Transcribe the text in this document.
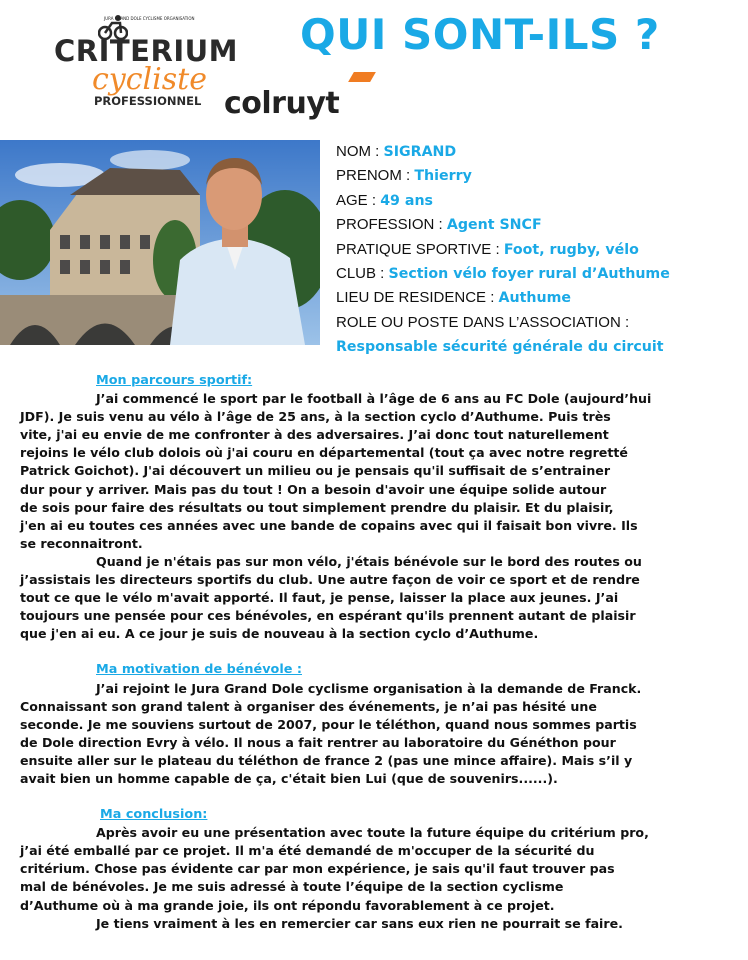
JURA GRAND DOLE CYCLISME ORGANISATION
CRITERIUM
cycliste
PROFESSIONNEL colruyt
QUI SONT-ILS ?
NOM : SIGRAND
PRENOM : Thierry
AGE : 49 ans
PROFESSION : Agent SNCF
PRATIQUE SPORTIVE : Foot, rugby, vélo
CLUB : Section vélo foyer rural d’Authume
LIEU DE RESIDENCE : Authume
ROLE OU POSTE DANS L’ASSOCIATION :
Responsable sécurité générale du circuit
Mon parcours sportif:
J’ai commencé le sport par le football à l’âge de 6 ans au FC Dole (aujourd’hui
JDF). Je suis venu au vélo à l’âge de 25 ans, à la section cyclo d’Authume. Puis très
vite, j'ai eu envie de me confronter à des adversaires. J’ai donc tout naturellement
rejoins le vélo club dolois où j'ai couru en départemental (tout ça avec notre regretté
Patrick Goichot). J'ai découvert un milieu ou je pensais qu'il suffisait de s’entrainer
dur pour y arriver. Mais pas du tout ! On a besoin d'avoir une équipe solide autour
de sois pour faire des résultats ou tout simplement prendre du plaisir. Et du plaisir,
j'en ai eu toutes ces années avec une bande de copains avec qui il faisait bon vivre. Ils
se reconnaitront.
Quand je n'étais pas sur mon vélo, j'étais bénévole sur le bord des routes ou
j’assistais les directeurs sportifs du club. Une autre façon de voir ce sport et de rendre
tout ce que le vélo m'avait apporté. Il faut, je pense, laisser la place aux jeunes. J’ai
toujours une pensée pour ces bénévoles, en espérant qu'ils prennent autant de plaisir
que j'en ai eu. A ce jour je suis de nouveau à la section cyclo d’Authume.
Ma motivation de bénévole :
J’ai rejoint le Jura Grand Dole cyclisme organisation à la demande de Franck.
Connaissant son grand talent à organiser des événements, je n’ai pas hésité une
seconde. Je me souviens surtout de 2007, pour le téléthon, quand nous sommes partis
de Dole direction Evry à vélo. Il nous a fait rentrer au laboratoire du Généthon pour
ensuite aller sur le plateau du téléthon de france 2 (pas une mince affaire). Mais s’il y
avait bien un homme capable de ça, c'était bien Lui (que de souvenirs......).
Ma conclusion:
Après avoir eu une présentation avec toute la future équipe du critérium pro,
j’ai été emballé par ce projet. Il m'a été demandé de m'occuper de la sécurité du
critérium. Chose pas évidente car par mon expérience, je sais qu'il faut trouver pas
mal de bénévoles. Je me suis adressé à toute l’équipe de la section cyclisme
d’Authume où à ma grande joie, ils ont répondu favorablement à ce projet.
Je tiens vraiment à les en remercier car sans eux rien ne pourrait se faire.
